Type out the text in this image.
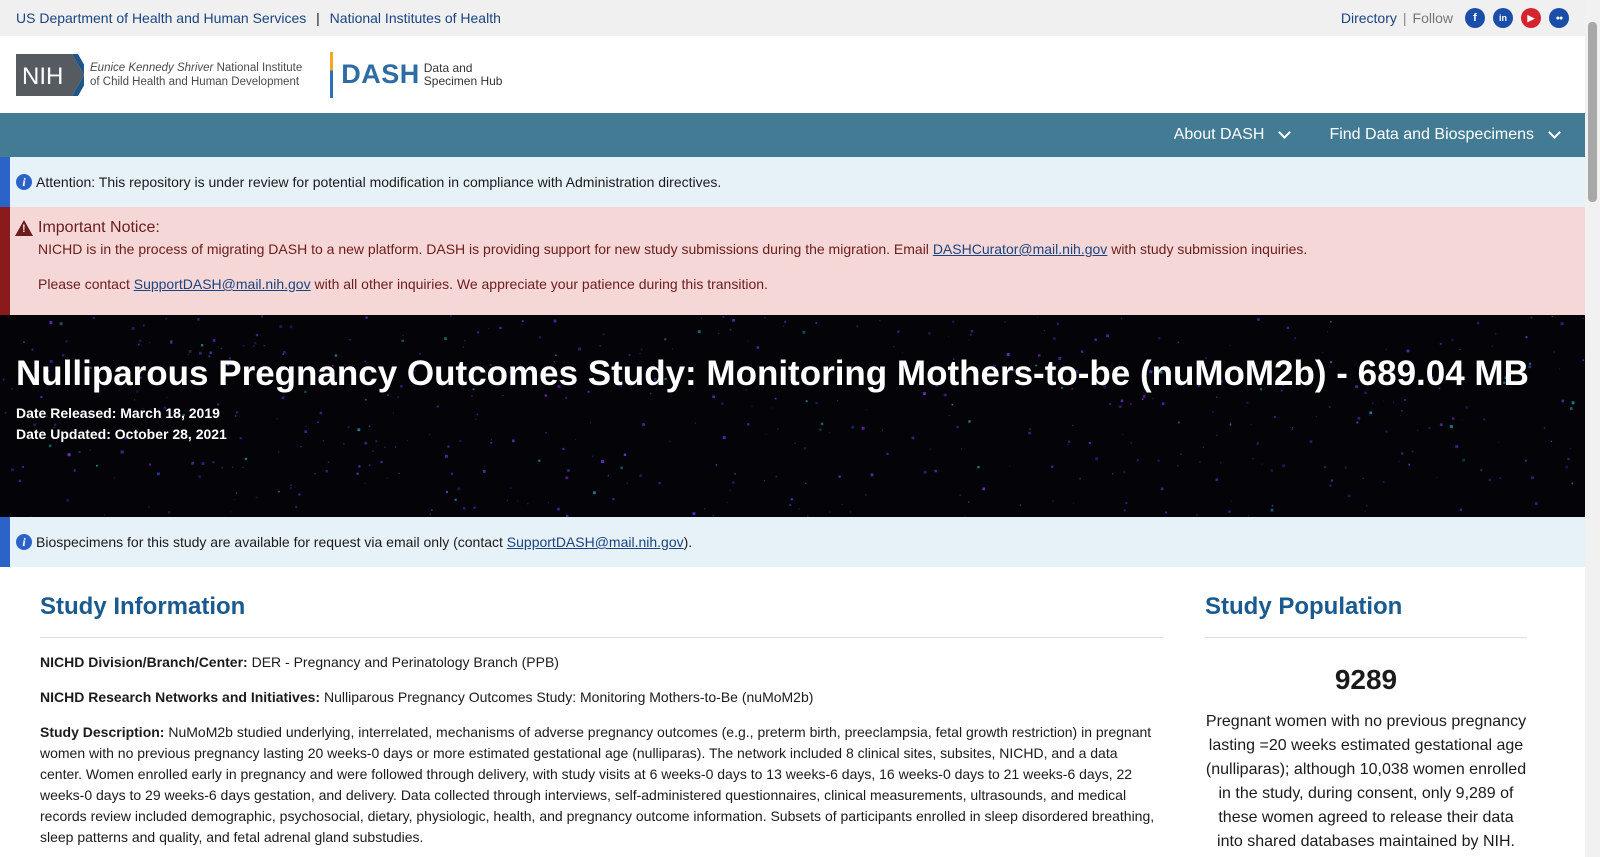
US Department of Health and Human Services | National Institutes of Health	Directory | Follow	f	in	▶	●●
NIH Eunice Kennedy Shriver National Institute
of Child Health and Human Development DASH Data and
Specimen Hub
About DASH	Find Data and Biospecimens
i Attention: This repository is under review for potential modification in compliance with Administration directives.
! Important Notice:

NICHD is in the process of migrating DASH to a new platform. DASH is providing support for new study submissions during the migration. Email DASHCurator@mail.nih.gov with study submission inquiries.

Please contact SupportDASH@mail.nih.gov with all other inquiries. We appreciate your patience during this transition.

Nulliparous Pregnancy Outcomes Study: Monitoring Mothers-to-be (nuMoM2b) - 689.04 MB
Date Released: March 18, 2019
Date Updated: October 28, 2021
i Biospecimens for this study are available for request via email only (contact SupportDASH@mail.nih.gov).
Study Information
NICHD Division/Branch/Center: DER - Pregnancy and Perinatology Branch (PPB)
NICHD Research Networks and Initiatives: Nulliparous Pregnancy Outcomes Study: Monitoring Mothers-to-Be (nuMoM2b)
Study Description: NuMoM2b studied underlying, interrelated, mechanisms of adverse pregnancy outcomes (e.g., preterm birth, preeclampsia, fetal growth restriction) in pregnant women with no previous pregnancy lasting 20 weeks-0 days or more estimated gestational age (nulliparas). The network included 8 clinical sites, subsites, NICHD, and a data center. Women enrolled early in pregnancy and were followed through delivery, with study visits at 6 weeks-0 days to 13 weeks-6 days, 16 weeks-0 days to 21 weeks-6 days, 22 weeks-0 days to 29 weeks-6 days gestation, and delivery. Data collected through interviews, self-administered questionnaires, clinical measurements, ultrasounds, and medical records review included demographic, psychosocial, dietary, physiologic, health, and pregnancy outcome information. Subsets of participants enrolled in sleep disordered breathing, sleep patterns and quality, and fetal adrenal gland substudies.
Study Population
9289
Pregnant women with no previous pregnancy lasting =20 weeks estimated gestational age (nulliparas); although 10,038 women enrolled in the study, during consent, only 9,289 of these women agreed to release their data into shared databases maintained by NIH.
